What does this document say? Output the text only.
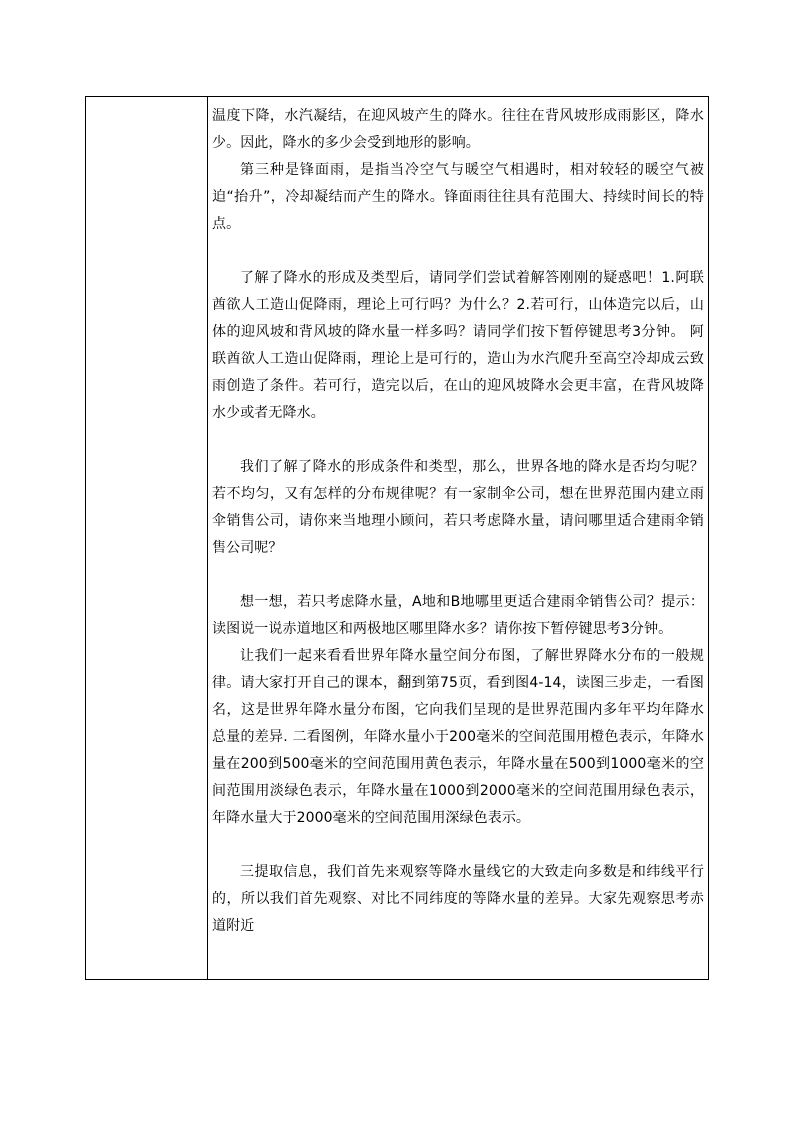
温度下降，水汽凝结，在迎风坡产生的降水。往往在背风坡形成雨影区，降水少。因此，降水的多少会受到地形的影响。

第三种是锋面雨，是指当冷空气与暖空气相遇时，相对较轻的暖空气被迫“抬升”，冷却凝结而产生的降水。锋面雨往往具有范围大、持续时间长的特点。

了解了降水的形成及类型后，请同学们尝试着解答刚刚的疑惑吧！1.阿联酋欲人工造山促降雨，理论上可行吗？为什么？2.若可行，山体造完以后，山体的迎风坡和背风坡的降水量一样多吗？请同学们按下暂停键思考3分钟。 阿联酋欲人工造山促降雨，理论上是可行的，造山为水汽爬升至高空冷却成云致雨创造了条件。若可行，造完以后，在山的迎风坡降水会更丰富，在背风坡降水少或者无降水。

我们了解了降水的形成条件和类型，那么，世界各地的降水是否均匀呢？若不均匀，又有怎样的分布规律呢？有一家制伞公司，想在世界范围内建立雨伞销售公司，请你来当地理小顾问，若只考虑降水量，请问哪里适合建雨伞销售公司呢？

想一想，若只考虑降水量，A地和B地哪里更适合建雨伞销售公司？提示：读图说一说赤道地区和两极地区哪里降水多？请你按下暂停键思考3分钟。

让我们一起来看看世界年降水量空间分布图，了解世界降水分布的一般规律。请大家打开自己的课本，翻到第75页，看到图4-14，读图三步走，一看图名，这是世界年降水量分布图，它向我们呈现的是世界范围内多年平均年降水总量的差异. 二看图例，年降水量小于200毫米的空间范围用橙色表示，年降水量在200到500毫米的空间范围用黄色表示，年降水量在500到1000毫米的空间范围用淡绿色表示，年降水量在1000到2000毫米的空间范围用绿色表示，年降水量大于2000毫米的空间范围用深绿色表示。

三提取信息，我们首先来观察等降水量线它的大致走向多数是和纬线平行的，所以我们首先观察、对比不同纬度的等降水量的差异。大家先观察思考赤道附近
